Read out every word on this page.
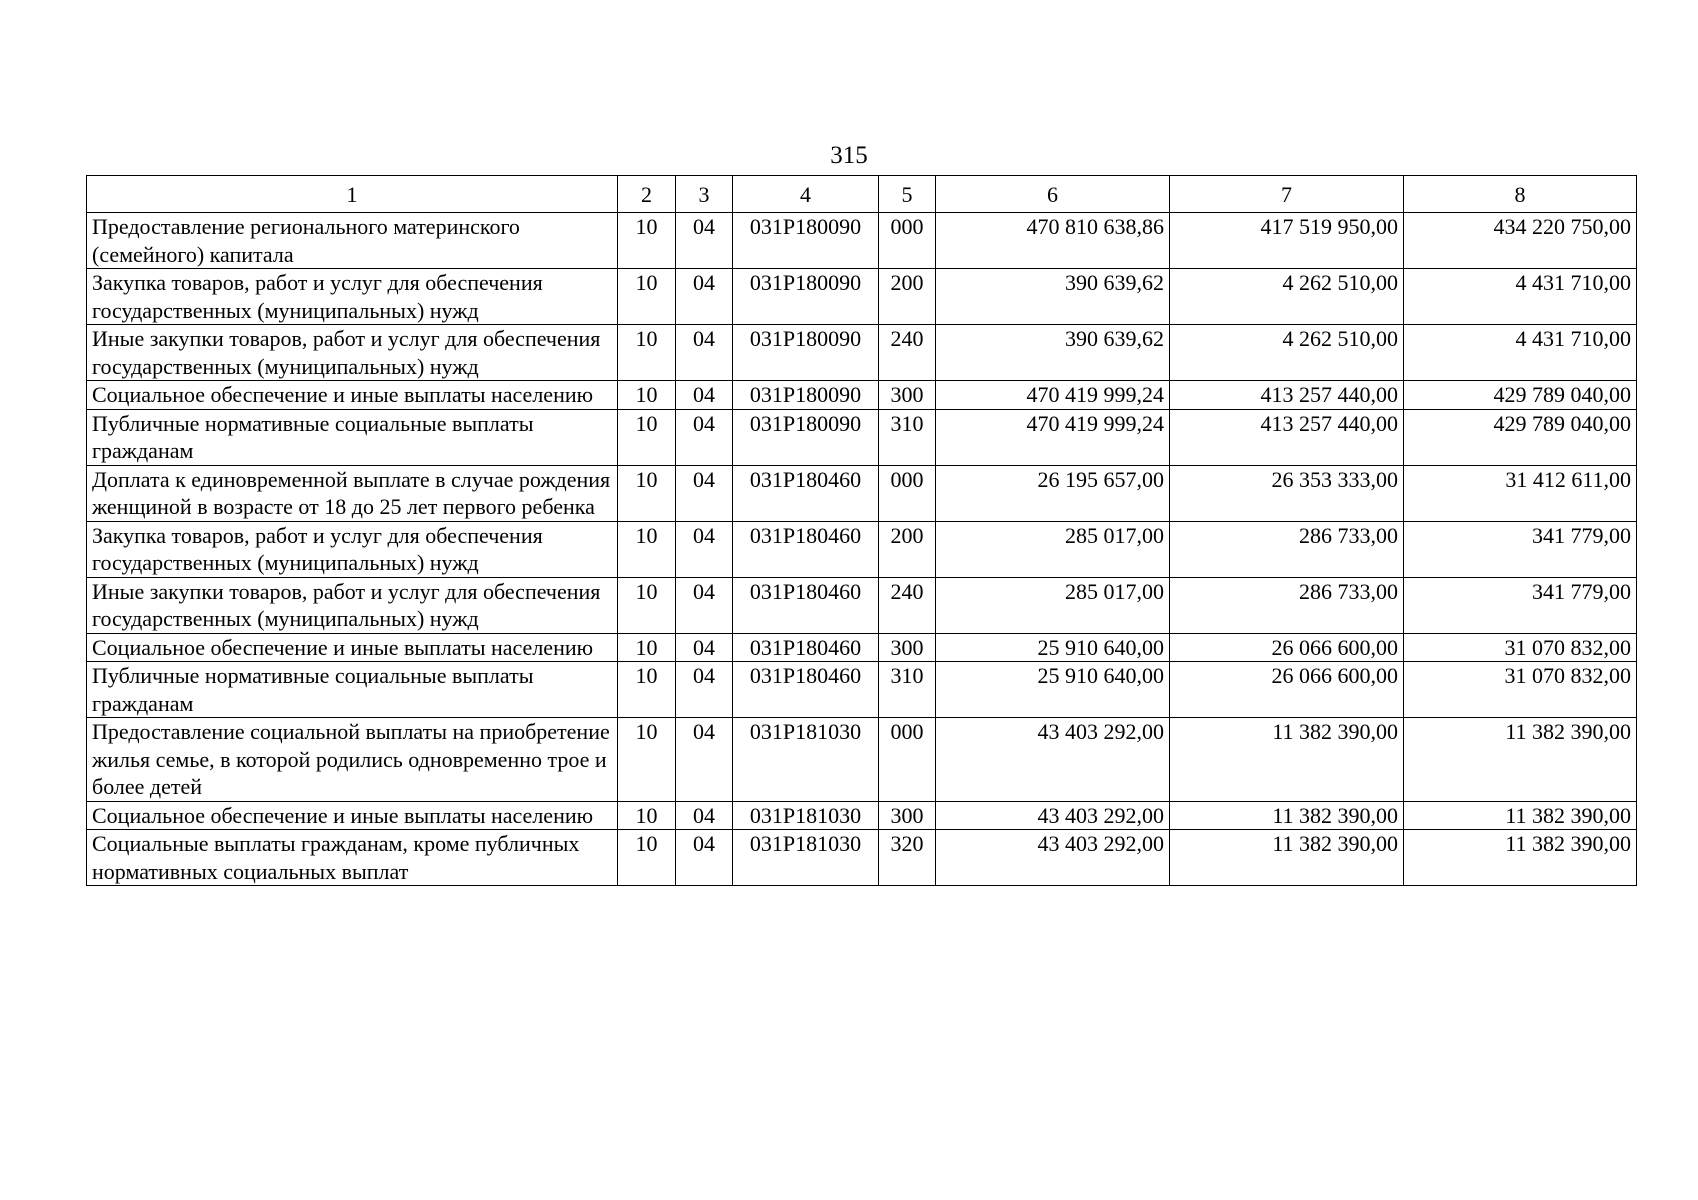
315
1	2	3	4	5	6	7	8
Предоставление регионального материнского (семейного) капитала	10	04	031P180090	000	470 810 638,86	417 519 950,00	434 220 750,00
Закупка товаров, работ и услуг для обеспечения государственных (муниципальных) нужд	10	04	031P180090	200	390 639,62	4 262 510,00	4 431 710,00
Иные закупки товаров, работ и услуг для обеспечения государственных (муниципальных) нужд	10	04	031P180090	240	390 639,62	4 262 510,00	4 431 710,00
Социальное обеспечение и иные выплаты населению	10	04	031P180090	300	470 419 999,24	413 257 440,00	429 789 040,00
Публичные нормативные социальные выплаты гражданам	10	04	031P180090	310	470 419 999,24	413 257 440,00	429 789 040,00
Доплата к единовременной выплате в случае рождения женщиной в возрасте от 18 до 25 лет первого ребенка	10	04	031P180460	000	26 195 657,00	26 353 333,00	31 412 611,00
Закупка товаров, работ и услуг для обеспечения государственных (муниципальных) нужд	10	04	031P180460	200	285 017,00	286 733,00	341 779,00
Иные закупки товаров, работ и услуг для обеспечения государственных (муниципальных) нужд	10	04	031P180460	240	285 017,00	286 733,00	341 779,00
Социальное обеспечение и иные выплаты населению	10	04	031P180460	300	25 910 640,00	26 066 600,00	31 070 832,00
Публичные нормативные социальные выплаты гражданам	10	04	031P180460	310	25 910 640,00	26 066 600,00	31 070 832,00
Предоставление социальной выплаты на приобретение жилья семье, в которой родились одновременно трое и более детей	10	04	031P181030	000	43 403 292,00	11 382 390,00	11 382 390,00
Социальное обеспечение и иные выплаты населению	10	04	031P181030	300	43 403 292,00	11 382 390,00	11 382 390,00
Социальные выплаты гражданам, кроме публичных нормативных социальных выплат	10	04	031P181030	320	43 403 292,00	11 382 390,00	11 382 390,00
